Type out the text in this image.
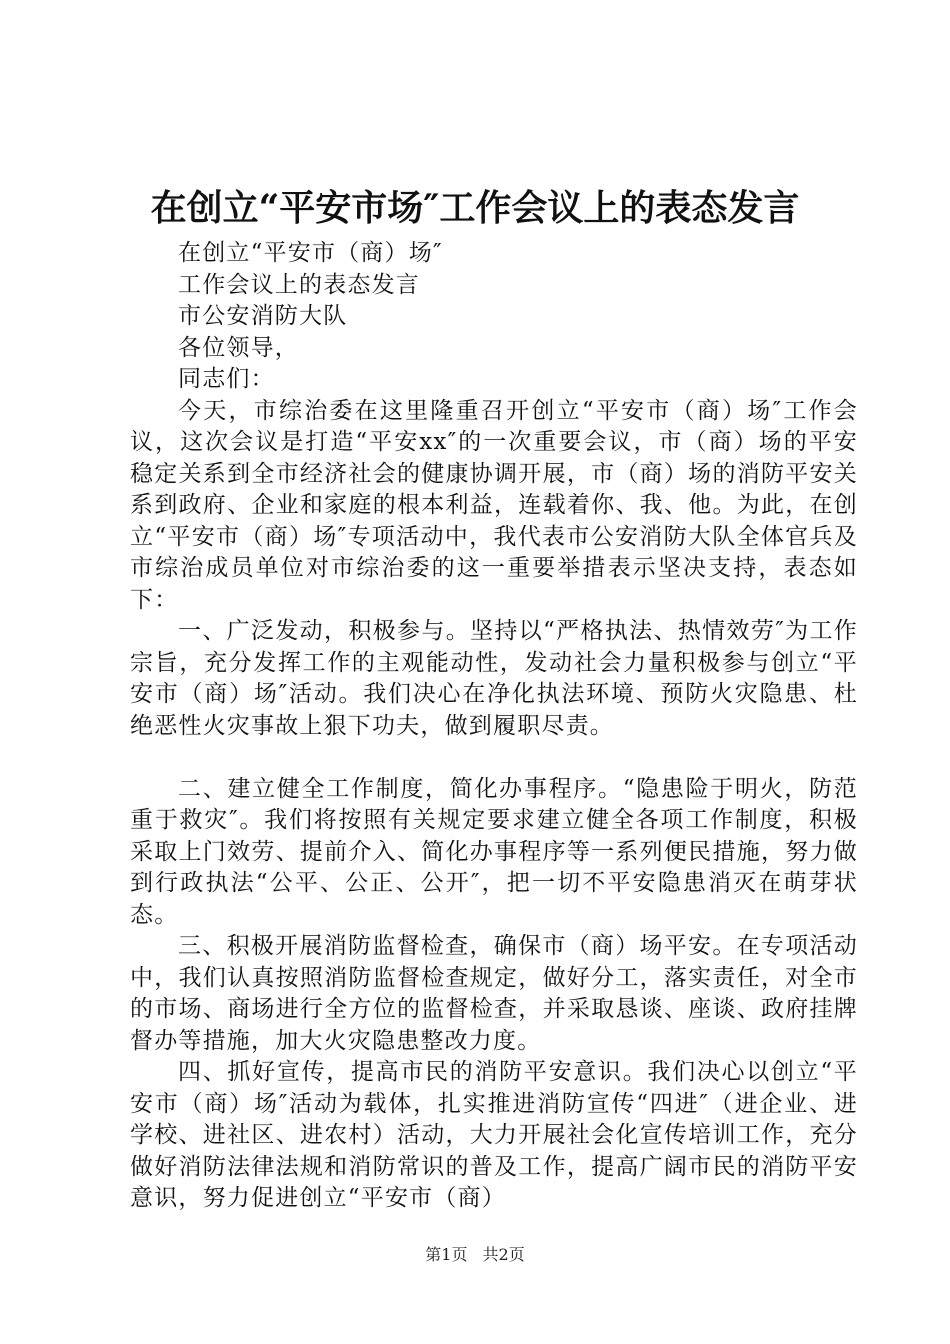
在创立“平安市场″工作会议上的表态发言

在创立“平安市（商）场″

工作会议上的表态发言

市公安消防大队

各位领导，

同志们：

今天，市综治委在这里隆重召开创立“平安市（商）场″工作会议，这次会议是打造“平安xx″的一次重要会议，市（商）场的平安稳定关系到全市经济社会的健康协调开展，市（商）场的消防平安关系到政府、企业和家庭的根本利益，连载着你、我、他。为此，在创立“平安市（商）场″专项活动中，我代表市公安消防大队全体官兵及市综治成员单位对市综治委的这一重要举措表示坚决支持，表态如下：

一、广泛发动，积极参与。坚持以“严格执法、热情效劳″为工作宗旨，充分发挥工作的主观能动性，发动社会力量积极参与创立“平安市（商）场″活动。我们决心在净化执法环境、预防火灾隐患、杜绝恶性火灾事故上狠下功夫，做到履职尽责。

二、建立健全工作制度，简化办事程序。“隐患险于明火，防范重于救灾″。我们将按照有关规定要求建立健全各项工作制度，积极采取上门效劳、提前介入、简化办事程序等一系列便民措施，努力做到行政执法“公平、公正、公开″，把一切不平安隐患消灭在萌芽状态。

三、积极开展消防监督检查，确保市（商）场平安。在专项活动中，我们认真按照消防监督检查规定，做好分工，落实责任，对全市的市场、商场进行全方位的监督检查，并采取恳谈、座谈、政府挂牌督办等措施，加大火灾隐患整改力度。

四、抓好宣传，提高市民的消防平安意识。我们决心以创立“平安市（商）场″活动为载体，扎实推进消防宣传“四进″（进企业、进学校、进社区、进农村）活动，大力开展社会化宣传培训工作，充分做好消防法律法规和消防常识的普及工作，提高广阔市民的消防平安意识，努力促进创立“平安市（商）

第1页 共2页
